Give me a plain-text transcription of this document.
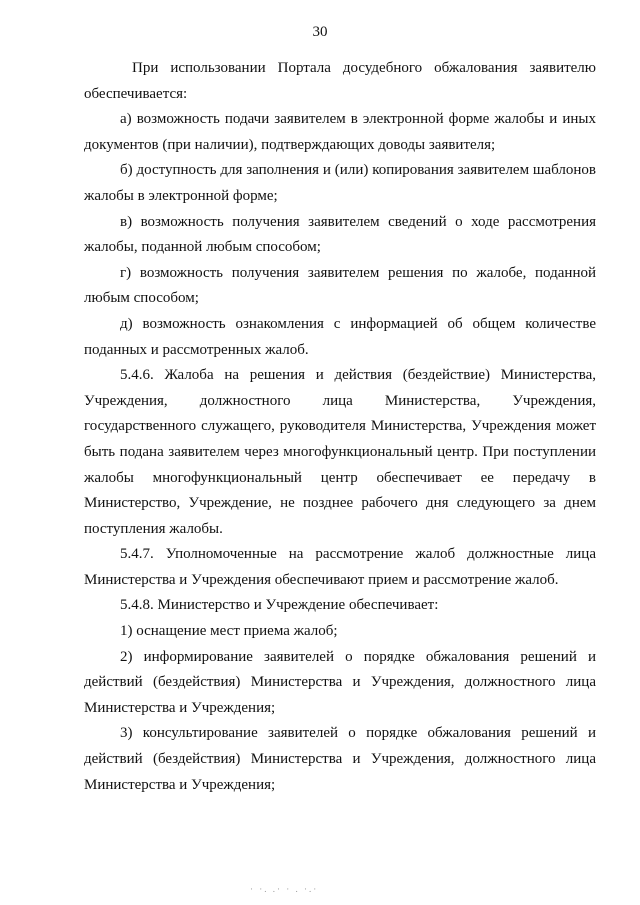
30

При использовании Портала досудебного обжалования заявителю обеспечивается:

а) возможность подачи заявителем в электронной форме жалобы и иных документов (при наличии), подтверждающих доводы заявителя;

б) доступность для заполнения и (или) копирования заявителем шаблонов жалобы в электронной форме;

в) возможность получения заявителем сведений о ходе рассмотрения жалобы, поданной любым способом;

г) возможность получения заявителем решения по жалобе, поданной любым способом;

д) возможность ознакомления с информацией об общем количестве поданных и рассмотренных жалоб.

5.4.6. Жалоба на решения и действия (бездействие) Министерства, Учреждения, должностного лица Министерства, Учреждения, государственного служащего, руководителя Министерства, Учреждения может быть подана заявителем через многофункциональный центр. При поступлении жалобы многофункциональный центр обеспечивает ее передачу в Министерство, Учреждение, не позднее рабочего дня следующего за днем поступления жалобы.

5.4.7. Уполномоченные на рассмотрение жалоб должностные лица Министерства и Учреждения обеспечивают прием и рассмотрение жалоб.

5.4.8. Министерство и Учреждение обеспечивает:

1) оснащение мест приема жалоб;

2) информирование заявителей о порядке обжалования решений и действий (бездействия) Министерства и Учреждения, должностного лица Министерства и Учреждения;

3) консультирование заявителей о порядке обжалования решений и действий (бездействия) Министерства и Учреждения, должностного лица Министерства и Учреждения;

· ·. .· · . ·.·
